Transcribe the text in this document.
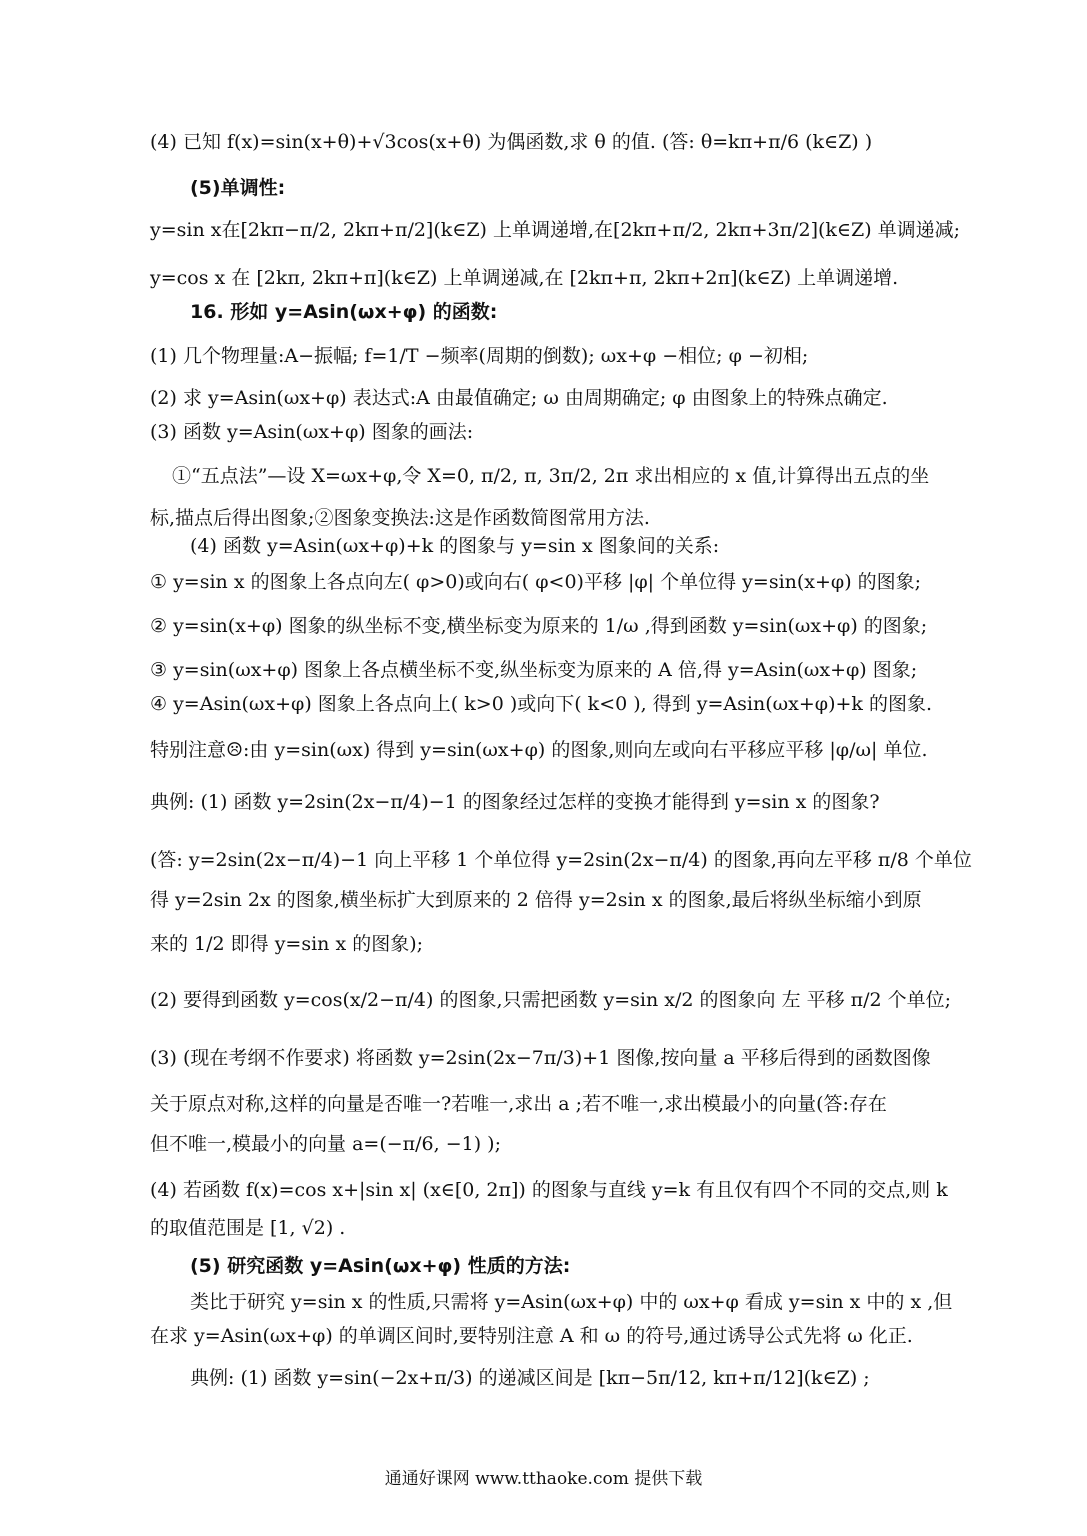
(4) 已知 f(x)=sin(x+θ)+√3cos(x+θ) 为偶函数,求 θ 的值. (答: θ=kπ+π/6 (k∈Z) )
(5)单调性:
y=sin x在[2kπ−π/2, 2kπ+π/2](k∈Z) 上单调递增,在[2kπ+π/2, 2kπ+3π/2](k∈Z) 单调递减;
y=cos x 在 [2kπ, 2kπ+π](k∈Z) 上单调递减,在 [2kπ+π, 2kπ+2π](k∈Z) 上单调递增.
16. 形如 y=Asin(ωx+φ) 的函数:
(1) 几个物理量:A−振幅; f=1/T −频率(周期的倒数); ωx+φ −相位; φ −初相;
(2) 求 y=Asin(ωx+φ) 表达式:A 由最值确定; ω 由周期确定; φ 由图象上的特殊点确定.
(3) 函数 y=Asin(ωx+φ) 图象的画法:
①“五点法”—设 X=ωx+φ,令 X=0, π/2, π, 3π/2, 2π 求出相应的 x 值,计算得出五点的坐
标,描点后得出图象;②图象变换法:这是作函数简图常用方法.
(4) 函数 y=Asin(ωx+φ)+k 的图象与 y=sin x 图象间的关系:
① y=sin x 的图象上各点向左( φ>0)或向右( φ<0)平移 |φ| 个单位得 y=sin(x+φ) 的图象;
② y=sin(x+φ) 图象的纵坐标不变,横坐标变为原来的 1/ω ,得到函数 y=sin(ωx+φ) 的图象;
③ y=sin(ωx+φ) 图象上各点横坐标不变,纵坐标变为原来的 A 倍,得 y=Asin(ωx+φ) 图象;
④ y=Asin(ωx+φ) 图象上各点向上( k>0 )或向下( k<0 ), 得到 y=Asin(ωx+φ)+k 的图象.
特别注意☹:由 y=sin(ωx) 得到 y=sin(ωx+φ) 的图象,则向左或向右平移应平移 |φ/ω| 单位.
典例: (1) 函数 y=2sin(2x−π/4)−1 的图象经过怎样的变换才能得到 y=sin x 的图象?
(答: y=2sin(2x−π/4)−1 向上平移 1 个单位得 y=2sin(2x−π/4) 的图象,再向左平移 π/8 个单位
得 y=2sin 2x 的图象,横坐标扩大到原来的 2 倍得 y=2sin x 的图象,最后将纵坐标缩小到原
来的 1/2 即得 y=sin x 的图象);
(2) 要得到函数 y=cos(x/2−π/4) 的图象,只需把函数 y=sin x/2 的图象向 左 平移 π/2 个单位;
(3) (现在考纲不作要求) 将函数 y=2sin(2x−7π/3)+1 图像,按向量 a 平移后得到的函数图像
关于原点对称,这样的向量是否唯一?若唯一,求出 a ;若不唯一,求出模最小的向量(答:存在
但不唯一,模最小的向量 a=(−π/6, −1) );
(4) 若函数 f(x)=cos x+|sin x| (x∈[0, 2π]) 的图象与直线 y=k 有且仅有四个不同的交点,则 k
的取值范围是 [1, √2) .
(5) 研究函数 y=Asin(ωx+φ) 性质的方法:
类比于研究 y=sin x 的性质,只需将 y=Asin(ωx+φ) 中的 ωx+φ 看成 y=sin x 中的 x ,但
在求 y=Asin(ωx+φ) 的单调区间时,要特别注意 A 和 ω 的符号,通过诱导公式先将 ω 化正.
典例: (1) 函数 y=sin(−2x+π/3) 的递减区间是 [kπ−5π/12, kπ+π/12](k∈Z) ;
通通好课网 www.tthaoke.com 提供下载
